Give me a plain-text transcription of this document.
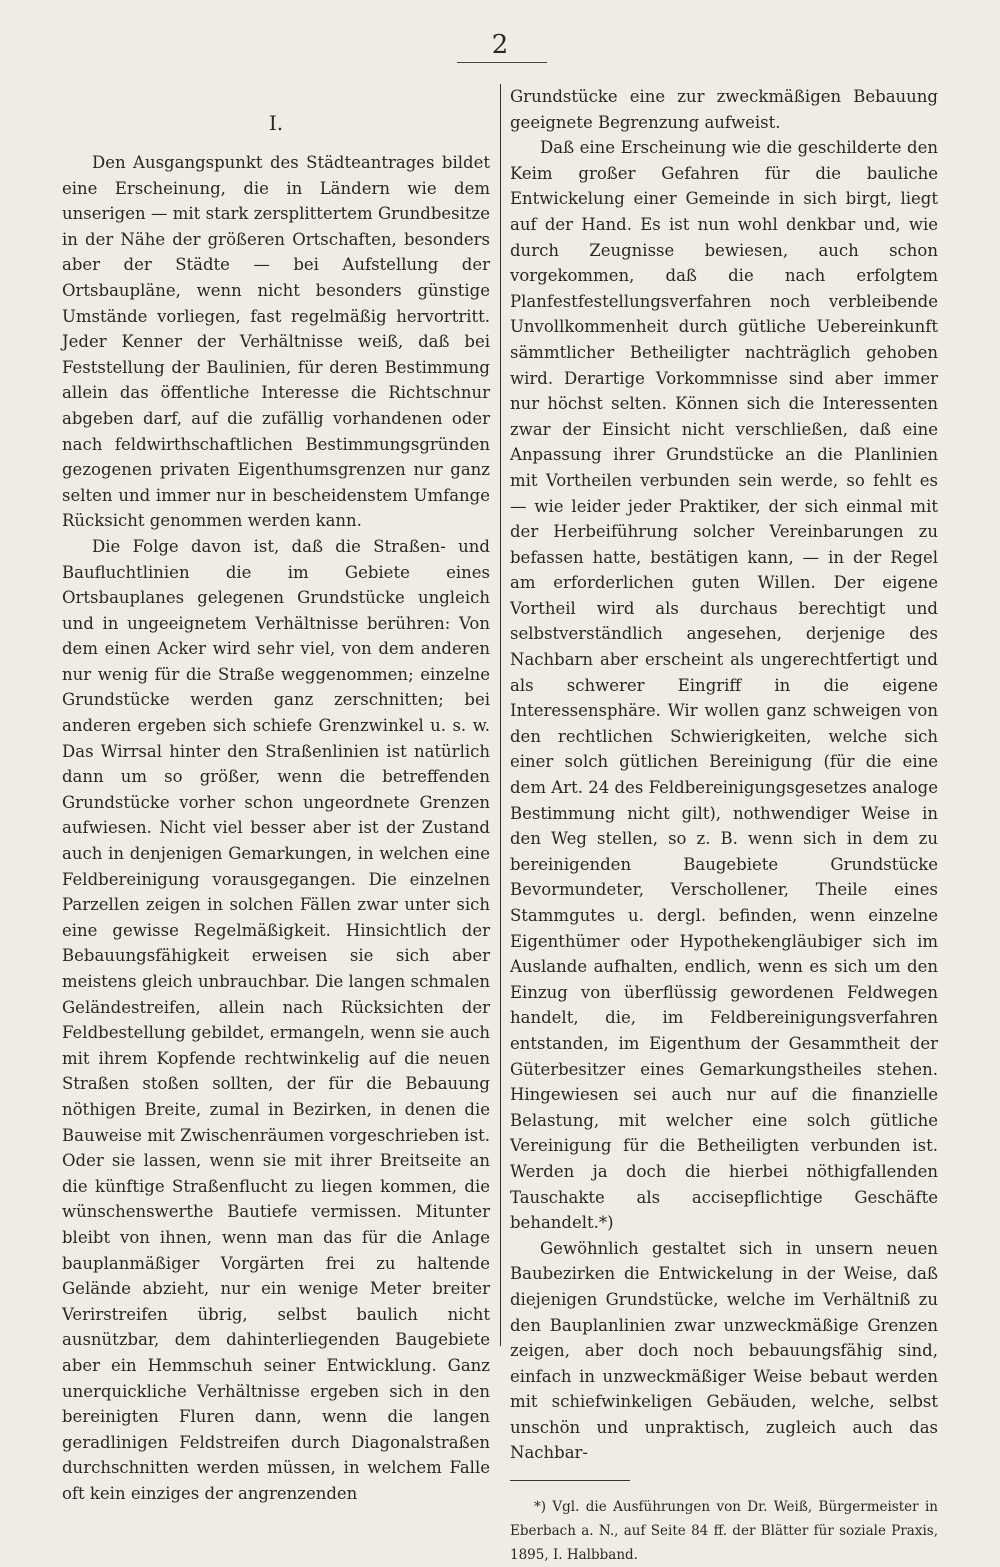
2
I.

Den Ausgangspunkt des Städteantrages bildet eine Erscheinung, die in Ländern wie dem unserigen — mit stark zersplittertem Grundbesitze in der Nähe der größeren Ortschaften, besonders aber der Städte — bei Aufstellung der Ortsbaupläne, wenn nicht besonders günstige Umstände vorliegen, fast regelmäßig hervortritt. Jeder Kenner der Verhältnisse weiß, daß bei Feststellung der Baulinien, für deren Bestimmung allein das öffentliche Interesse die Richtschnur abgeben darf, auf die zufällig vorhandenen oder nach feldwirthschaftlichen Bestimmungsgründen gezogenen privaten Eigenthumsgrenzen nur ganz selten und immer nur in bescheidenstem Umfange Rücksicht genommen werden kann.

Die Folge davon ist, daß die Straßen- und Baufluchtlinien die im Gebiete eines Ortsbauplanes gelegenen Grundstücke ungleich und in ungeeignetem Verhältnisse berühren: Von dem einen Acker wird sehr viel, von dem anderen nur wenig für die Straße weggenommen; einzelne Grundstücke werden ganz zerschnitten; bei anderen ergeben sich schiefe Grenzwinkel u. s. w. Das Wirrsal hinter den Straßenlinien ist natürlich dann um so größer, wenn die betreffenden Grundstücke vorher schon ungeordnete Grenzen aufwiesen. Nicht viel besser aber ist der Zustand auch in denjenigen Gemarkungen, in welchen eine Feldbereinigung vorausgegangen. Die einzelnen Parzellen zeigen in solchen Fällen zwar unter sich eine gewisse Regelmäßigkeit. Hinsichtlich der Bebauungsfähigkeit erweisen sie sich aber meistens gleich unbrauchbar. Die langen schmalen Geländestreifen, allein nach Rücksichten der Feldbestellung gebildet, ermangeln, wenn sie auch mit ihrem Kopfende rechtwinkelig auf die neuen Straßen stoßen sollten, der für die Bebauung nöthigen Breite, zumal in Bezirken, in denen die Bauweise mit Zwischenräumen vorgeschrieben ist. Oder sie lassen, wenn sie mit ihrer Breitseite an die künftige Straßenflucht zu liegen kommen, die wünschenswerthe Bautiefe vermissen. Mitunter bleibt von ihnen, wenn man das für die Anlage bauplanmäßiger Vorgärten frei zu haltende Gelände abzieht, nur ein wenige Meter breiter Verirstreifen übrig, selbst baulich nicht ausnützbar, dem dahinterliegenden Baugebiete aber ein Hemmschuh seiner Entwicklung. Ganz unerquickliche Verhältnisse ergeben sich in den bereinigten Fluren dann, wenn die langen geradlinigen Feldstreifen durch Diagonalstraßen durchschnitten werden müssen, in welchem Falle oft kein einziges der angrenzenden

Grundstücke eine zur zweckmäßigen Bebauung geeignete Begrenzung aufweist.

Daß eine Erscheinung wie die geschilderte den Keim großer Gefahren für die bauliche Entwickelung einer Gemeinde in sich birgt, liegt auf der Hand. Es ist nun wohl denkbar und, wie durch Zeugnisse bewiesen, auch schon vorgekommen, daß die nach erfolgtem Planfestfestellungsverfahren noch verbleibende Unvollkommenheit durch gütliche Uebereinkunft sämmtlicher Betheiligter nachträglich gehoben wird. Derartige Vorkommnisse sind aber immer nur höchst selten. Können sich die Interessenten zwar der Einsicht nicht verschließen, daß eine Anpassung ihrer Grundstücke an die Planlinien mit Vortheilen verbunden sein werde, so fehlt es — wie leider jeder Praktiker, der sich einmal mit der Herbeiführung solcher Vereinbarungen zu befassen hatte, bestätigen kann, — in der Regel am erforderlichen guten Willen. Der eigene Vortheil wird als durchaus berechtigt und selbstverständlich angesehen, derjenige des Nachbarn aber erscheint als ungerechtfertigt und als schwerer Eingriff in die eigene Interessensphäre. Wir wollen ganz schweigen von den rechtlichen Schwierigkeiten, welche sich einer solch gütlichen Bereinigung (für die eine dem Art. 24 des Feldbereinigungsgesetzes analoge Bestimmung nicht gilt), nothwendiger Weise in den Weg stellen, so z. B. wenn sich in dem zu bereinigenden Baugebiete Grundstücke Bevormundeter, Verschollener, Theile eines Stammgutes u. dergl. befinden, wenn einzelne Eigenthümer oder Hypothekengläubiger sich im Auslande aufhalten, endlich, wenn es sich um den Einzug von überflüssig gewordenen Feldwegen handelt, die, im Feldbereinigungsverfahren entstanden, im Eigenthum der Gesammtheit der Güterbesitzer eines Gemarkungstheiles stehen. Hingewiesen sei auch nur auf die finanzielle Belastung, mit welcher eine solch gütliche Vereinigung für die Betheiligten verbunden ist. Werden ja doch die hierbei nöthigfallenden Tauschakte als accisepflichtige Geschäfte behandelt.*)

Gewöhnlich gestaltet sich in unsern neuen Baubezirken die Entwickelung in der Weise, daß diejenigen Grundstücke, welche im Verhältniß zu den Bauplanlinien zwar unzweckmäßige Grenzen zeigen, aber doch noch bebauungsfähig sind, einfach in unzweckmäßiger Weise bebaut werden mit schiefwinkeligen Gebäuden, welche, selbst unschön und unpraktisch, zugleich auch das Nachbar-

*) Vgl. die Ausführungen von Dr. Weiß, Bürgermeister in Eberbach a. N., auf Seite 84 ff. der Blätter für soziale Praxis, 1895, I. Halbband.
